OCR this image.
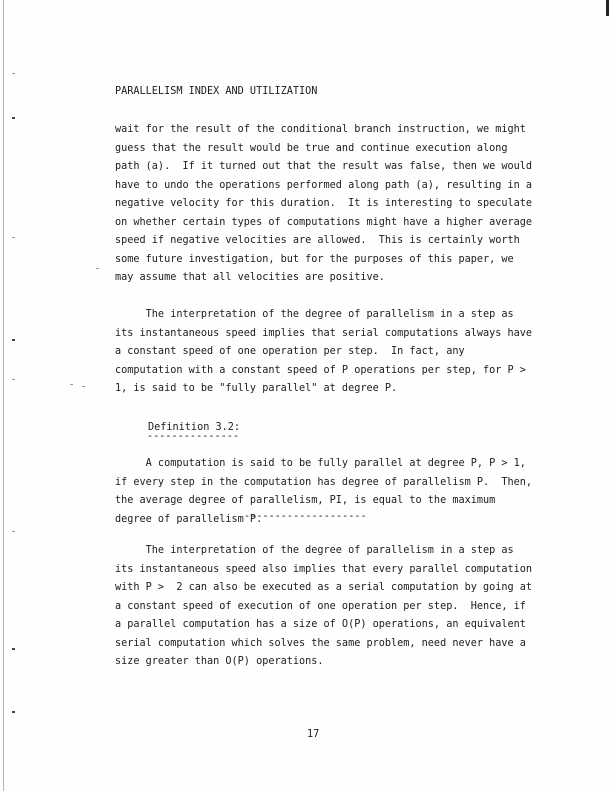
PARALLELISM INDEX AND UTILIZATION
wait for the result of the conditional branch instruction, we might
guess that the result would be true and continue execution along
path (a).  If it turned out that the result was false, then we would
have to undo the operations performed along path (a), resulting in a
negative velocity for this duration.  It is interesting to speculate
on whether certain types of computations might have a higher average
speed if negative velocities are allowed.  This is certainly worth
some future investigation, but for the purposes of this paper, we
may assume that all velocities are positive.
The interpretation of the degree of parallelism in a step as
its instantaneous speed implies that serial computations always have
a constant speed of one operation per step.  In fact, any
computation with a constant speed of P operations per step, for P >
1, is said to be "fully parallel" at degree P.
Definition 3.2:
---------------
A computation is said to be fully parallel at degree P, P > 1,
if every step in the computation has degree of parallelism P.  Then,
the average degree of parallelism, PI, is equal to the maximum
degree of parallelism P.
--------------------
The interpretation of the degree of parallelism in a step as
its instantaneous speed also implies that every parallel computation
with P >  2 can also be executed as a serial computation by going at
a constant speed of execution of one operation per step.  Hence, if
a parallel computation has a size of O(P) operations, an equivalent
serial computation which solves the same problem, need never have a
size greater than O(P) operations.
17
